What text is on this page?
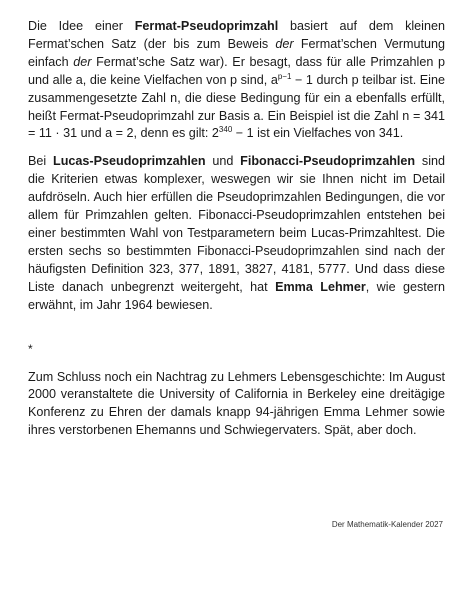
Die Idee einer Fermat-Pseudoprimzahl basiert auf dem kleinen Fermat’schen Satz (der bis zum Beweis der Fermat’schen Vermutung einfach der Fermat’sche Satz war). Er besagt, dass für alle Primzahlen p und alle a, die keine Vielfachen von p sind, $a^{p-1} - 1$ durch p teilbar ist. Eine zusammengesetzte Zahl n, die diese Bedingung für ein a ebenfalls erfüllt, heißt Fermat-Pseudoprimzahl zur Basis a. Ein Beispiel ist die Zahl n = 341 = 11 · 31 und a = 2, denn es gilt: $2^{340} - 1$ ist ein Vielfaches von 341.

Bei Lucas-Pseudoprimzahlen und Fibonacci-Pseudoprimzahlen sind die Kriterien etwas komplexer, weswegen wir sie Ihnen nicht im Detail aufdröseln. Auch hier erfüllen die Pseudoprimzahlen Bedingungen, die vor allem für Primzahlen gelten. Fibonacci-Pseudoprimzahlen entstehen bei einer bestimmten Wahl von Testparametern beim Lucas-Primzahltest. Die ersten sechs so bestimmten Fibonacci-Pseudoprimzahlen sind nach der häufigsten Definition 323, 377, 1891, 3827, 4181, 5777. Und dass diese Liste danach unbegrenzt weitergeht, hat Emma Lehmer, wie gestern erwähnt, im Jahr 1964 bewiesen.

*

Zum Schluss noch ein Nachtrag zu Lehmers Lebensgeschichte: Im August 2000 veranstaltete die University of California in Berkeley eine dreitägige Konferenz zu Ehren der damals knapp 94-jährigen Emma Lehmer sowie ihres verstorbenen Ehemanns und Schwiegervaters. Spät, aber doch.

Der Mathematik-Kalender 2027
